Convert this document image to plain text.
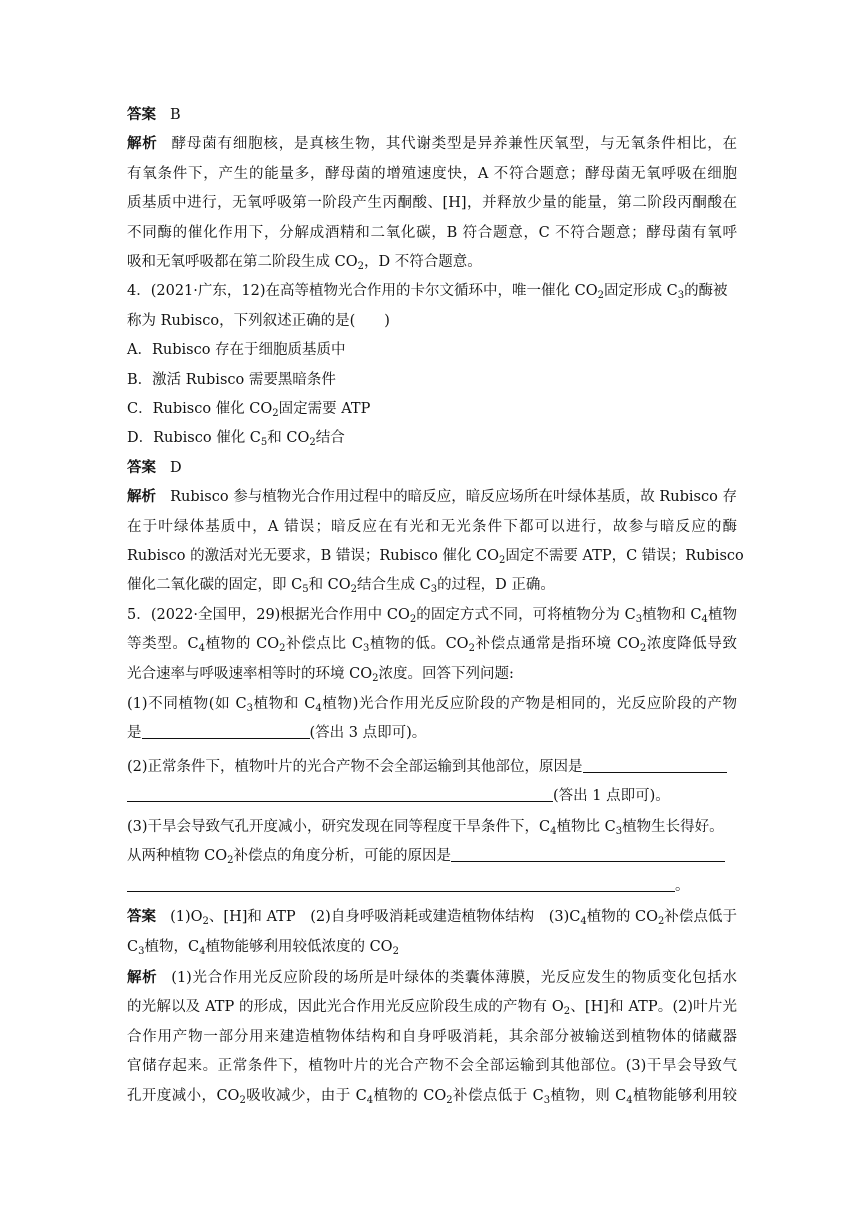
答案 B
解析 酵母菌有细胞核，是真核生物，其代谢类型是异养兼性厌氧型，与无氧条件相比，在
有氧条件下，产生的能量多，酵母菌的增殖速度快，A 不符合题意；酵母菌无氧呼吸在细胞
质基质中进行，无氧呼吸第一阶段产生丙酮酸、[H]，并释放少量的能量，第二阶段丙酮酸在
不同酶的催化作用下，分解成酒精和二氧化碳，B 符合题意，C 不符合题意；酵母菌有氧呼
吸和无氧呼吸都在第二阶段生成 $CO_2$，D 不符合题意。
4．(2021·广东，12)在高等植物光合作用的卡尔文循环中，唯一催化 $CO_2$固定形成 $C_3$的酶被
称为 Rubisco，下列叙述正确的是(　　)
A．Rubisco 存在于细胞质基质中
B．激活 Rubisco 需要黑暗条件
C．Rubisco 催化 $CO_2$固定需要 ATP
D．Rubisco 催化 $C_5$和 $CO_2$结合
答案 D
解析 Rubisco 参与植物光合作用过程中的暗反应，暗反应场所在叶绿体基质，故 Rubisco 存
在于叶绿体基质中，A 错误；暗反应在有光和无光条件下都可以进行，故参与暗反应的酶
Rubisco 的激活对光无要求，B 错误；Rubisco 催化 $CO_2$固定不需要 ATP，C 错误；Rubisco
催化二氧化碳的固定，即 $C_5$和 $CO_2$结合生成 $C_3$的过程，D 正确。
5．(2022·全国甲，29)根据光合作用中 $CO_2$的固定方式不同，可将植物分为 $C_3$植物和 $C_4$植物
等类型。$C_4$植物的 $CO_2$补偿点比 $C_3$植物的低。$CO_2$补偿点通常是指环境 $CO_2$浓度降低导致
光合速率与呼吸速率相等时的环境 $CO_2$浓度。回答下列问题:
(1)不同植物(如 $C_3$植物和 $C_4$植物)光合作用光反应阶段的产物是相同的，光反应阶段的产物
是	(答出 3 点即可)。
(2)正常条件下，植物叶片的光合产物不会全部运输到其他部位，原因是
(答出 1 点即可)。
(3)干旱会导致气孔开度减小，研究发现在同等程度干旱条件下，$C_4$植物比 $C_3$植物生长得好。
从两种植物 $CO_2$补偿点的角度分析，可能的原因是
。
答案 $(1)O_2$、[H]和 ATP　(2)自身呼吸消耗或建造植物体结构　$(3)C_4$植物的 $CO_2$补偿点低于
$C_3$植物，$C_4$植物能够利用较低浓度的 $CO_2$
解析 (1)光合作用光反应阶段的场所是叶绿体的类囊体薄膜，光反应发生的物质变化包括水
的光解以及 ATP 的形成，因此光合作用光反应阶段生成的产物有 $O_2$、[H]和 ATP。(2)叶片光
合作用产物一部分用来建造植物体结构和自身呼吸消耗，其余部分被输送到植物体的储藏器
官储存起来。正常条件下，植物叶片的光合产物不会全部运输到其他部位。(3)干旱会导致气
孔开度减小，$CO_2$吸收减少，由于 $C_4$植物的 $CO_2$补偿点低于 $C_3$植物，则 $C_4$植物能够利用较
